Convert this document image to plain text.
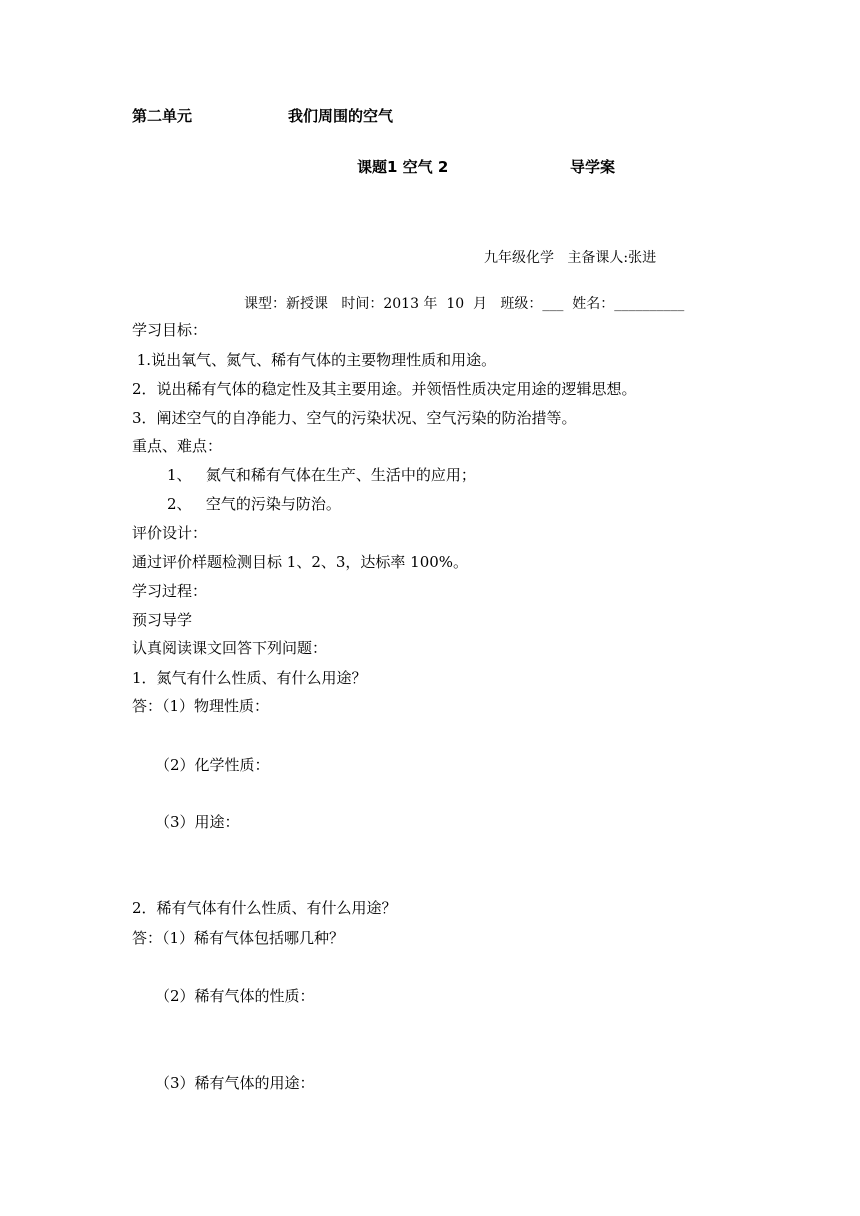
第二单元	我们周围的空气
课题1 空气 2	导学案
九年级化学   主备课人:张进
课型：新授课   时间：2013 年  10  月   班级：___  姓名：__________
学习目标：
1.说出氧气、氮气、稀有气体的主要物理性质和用途。
2．说出稀有气体的稳定性及其主要用途。并领悟性质决定用途的逻辑思想。
3．阐述空气的自净能力、空气的污染状况、空气污染的防治措等。
重点、难点：
1、   氮气和稀有气体在生产、生活中的应用；
2、   空气的污染与防治。
评价设计：
通过评价样题检测目标 1、2、3，达标率 100%。
学习过程：
预习导学
认真阅读课文回答下列问题：
1．氮气有什么性质、有什么用途？
答：（1）物理性质：
（2）化学性质：
（3）用途：
2．稀有气体有什么性质、有什么用途？
答：（1）稀有气体包括哪几种？
（2）稀有气体的性质：
（3）稀有气体的用途：
